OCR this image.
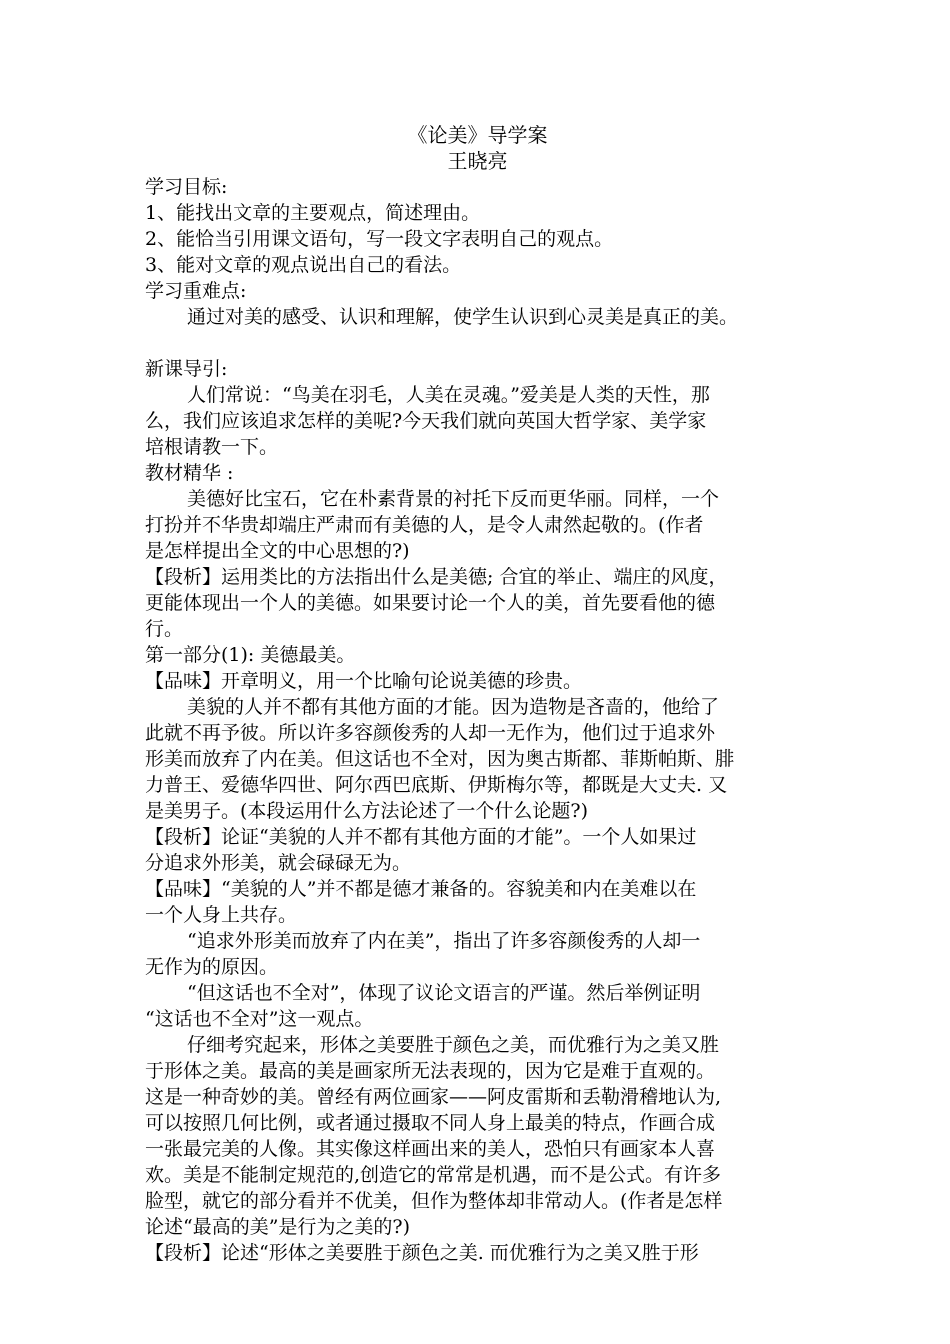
《论美》导学案

王晓亮

学习目标:

1、能找出文章的主要观点，简述理由。

2、能恰当引用课文语句，写一段文字表明自己的观点。

3、能对文章的观点说出自己的看法。

学习重难点:

通过对美的感受、认识和理解，使学生认识到心灵美是真正的美。

新课导引:

人们常说：“鸟美在羽毛，人美在灵魂。”爱美是人类的天性，那

么，我们应该追求怎样的美呢?今天我们就向英国大哲学家、美学家

培根请教一下。

教材精华 :

美德好比宝石，它在朴素背景的衬托下反而更华丽。同样，一个

打扮并不华贵却端庄严肃而有美德的人，是令人肃然起敬的。(作者

是怎样提出全文的中心思想的?)

【段析】运用类比的方法指出什么是美德; 合宜的举止、端庄的风度，

更能体现出一个人的美德。如果要讨论一个人的美，首先要看他的德

行。

第一部分(1): 美德最美。

【品味】开章明义，用一个比喻句论说美德的珍贵。

美貌的人并不都有其他方面的才能。因为造物是吝啬的，他给了

此就不再予彼。所以许多容颜俊秀的人却一无作为，他们过于追求外

形美而放弃了内在美。但这话也不全对，因为奥古斯都、菲斯帕斯、腓

力普王、爱德华四世、阿尔西巴底斯、伊斯梅尔等，都既是大丈夫. 又

是美男子。(本段运用什么方法论述了一个什么论题?)

【段析】论证“美貌的人并不都有其他方面的才能”。一个人如果过

分追求外形美，就会碌碌无为。

【品味】“美貌的人”并不都是德才兼备的。容貌美和内在美难以在

一个人身上共存。

“追求外形美而放弃了内在美”，指出了许多容颜俊秀的人却一

无作为的原因。

“但这话也不全对”，体现了议论文语言的严谨。然后举例证明

“这话也不全对”这一观点。

仔细考究起来，形体之美要胜于颜色之美，而优雅行为之美又胜

于形体之美。最高的美是画家所无法表现的，因为它是难于直观的。

这是一种奇妙的美。曾经有两位画家——阿皮雷斯和丢勒滑稽地认为,

可以按照几何比例，或者通过摄取不同人身上最美的特点，作画合成

一张最完美的人像。其实像这样画出来的美人，恐怕只有画家本人喜

欢。美是不能制定规范的,创造它的常常是机遇，而不是公式。有许多

脸型，就它的部分看并不优美，但作为整体却非常动人。(作者是怎样

论述“最高的美”是行为之美的?)

【段析】论述“形体之美要胜于颜色之美. 而优雅行为之美又胜于形
